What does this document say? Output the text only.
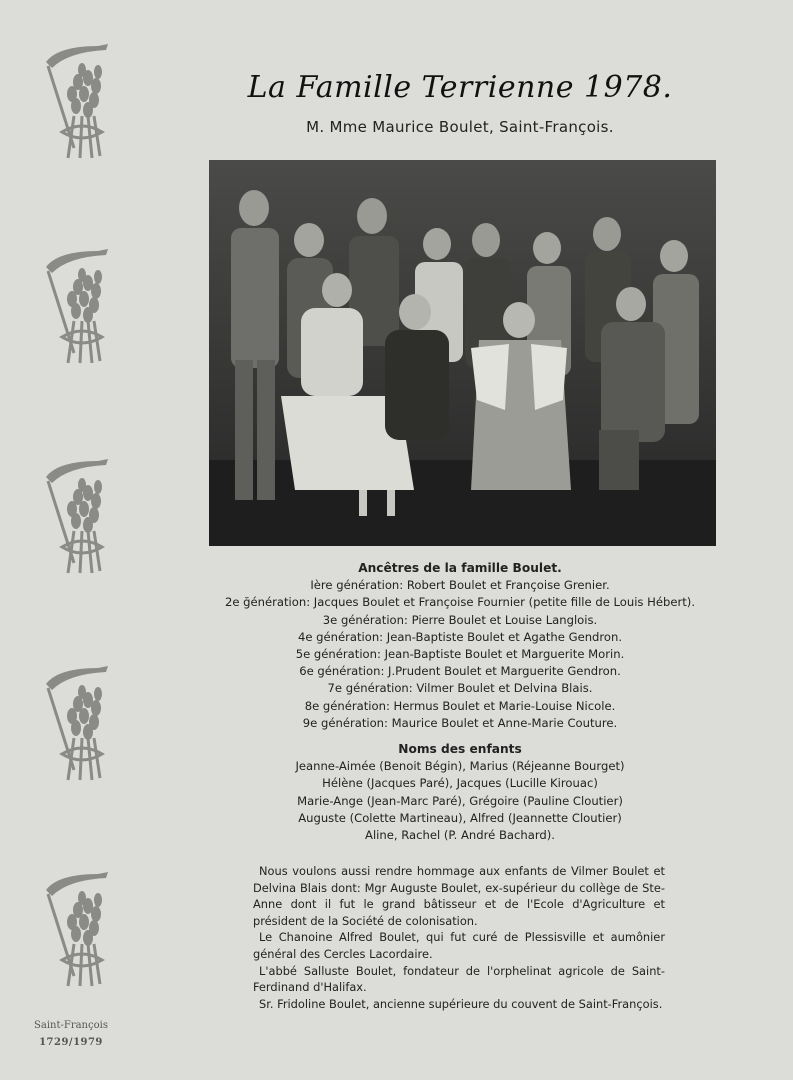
Saint-François
1729/1979
La Famille Terrienne 1978.
M. Mme Maurice Boulet, Saint-François.
Ancêtres de la famille Boulet.
Ière génération: Robert Boulet et Françoise Grenier.
2e ğénération: Jacques Boulet et Françoise Fournier (petite fille de Louis Hébert).
3e génération: Pierre Boulet et Louise Langlois.
4e génération: Jean-Baptiste Boulet et Agathe Gendron.
5e génération: Jean-Baptiste Boulet et Marguerite Morin.
6e génération: J.Prudent Boulet et Marguerite Gendron.
7e génération: Vilmer Boulet et Delvina Blais.
8e génération: Hermus Boulet et Marie-Louise Nicole.
9e génération: Maurice Boulet et Anne-Marie Couture.
Noms des enfants
Jeanne-Aimée (Benoit Bégin), Marius (Réjeanne Bourget)
Hélène (Jacques Paré), Jacques (Lucille Kirouac)
Marie-Ange (Jean-Marc Paré), Grégoire (Pauline Cloutier)
Auguste (Colette Martineau), Alfred (Jeannette Cloutier)
Aline, Rachel (P. André Bachard).

Nous voulons aussi rendre hommage aux enfants de Vilmer Boulet et Delvina Blais dont: Mgr Auguste Boulet, ex-supérieur du collège de Ste-Anne dont il fut le grand bâtisseur et de l'Ecole d'Agriculture et président de la Société de colonisation.

Le Chanoine Alfred Boulet, qui fut curé de Plessisville et aumônier général des Cercles Lacordaire.

L'abbé Salluste Boulet, fondateur de l'orphelinat agricole de Saint-Ferdinand d'Halifax.

Sr. Fridoline Boulet, ancienne supérieure du couvent de Saint-François.
